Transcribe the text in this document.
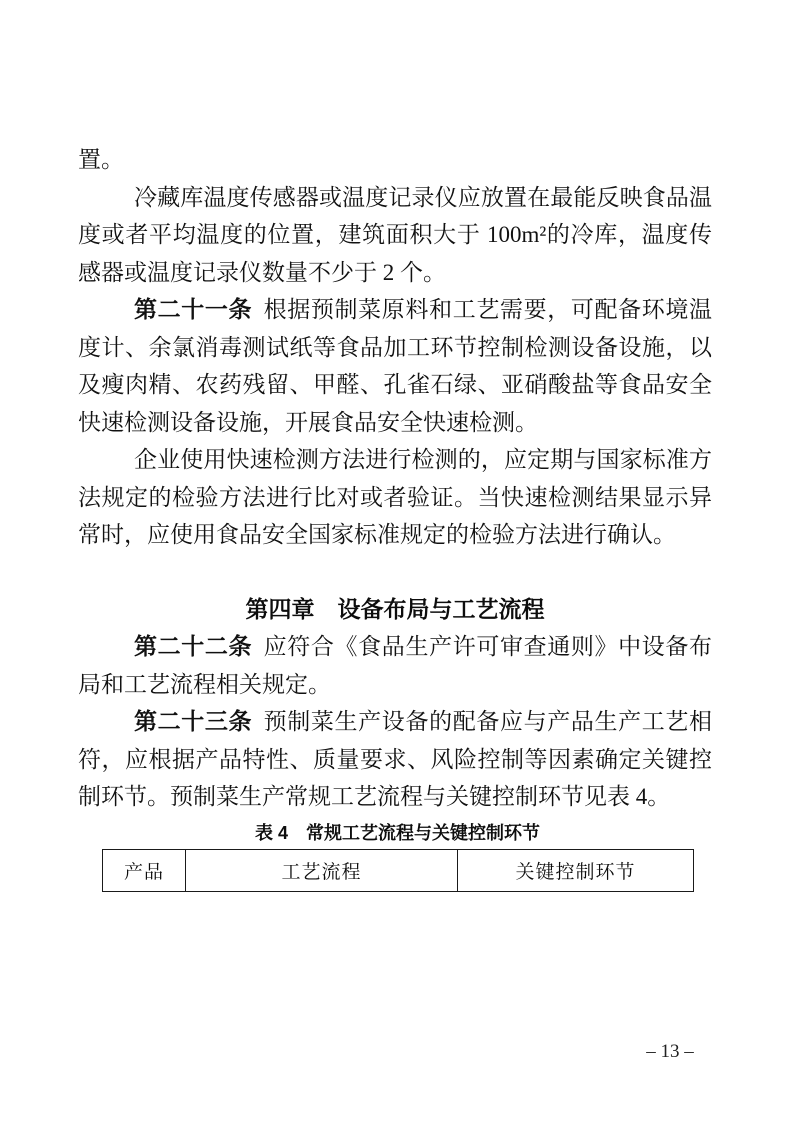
置。

冷藏库温度传感器或温度记录仪应放置在最能反映食品温度或者平均温度的位置，建筑面积大于 100m²的冷库，温度传感器或温度记录仪数量不少于 2 个。

第二十一条 根据预制菜原料和工艺需要，可配备环境温度计、余氯消毒测试纸等食品加工环节控制检测设备设施，以及瘦肉精、农药残留、甲醛、孔雀石绿、亚硝酸盐等食品安全快速检测设备设施，开展食品安全快速检测。

企业使用快速检测方法进行检测的，应定期与国家标准方法规定的检验方法进行比对或者验证。当快速检测结果显示异常时，应使用食品安全国家标准规定的检验方法进行确认。

第四章　设备布局与工艺流程

第二十二条 应符合《食品生产许可审查通则》中设备布局和工艺流程相关规定。

第二十三条 预制菜生产设备的配备应与产品生产工艺相符，应根据产品特性、质量要求、风险控制等因素确定关键控制环节。预制菜生产常规工艺流程与关键控制环节见表 4。

表 4　常规工艺流程与关键控制环节
产品	工艺流程	关键控制环节
– 13 –
